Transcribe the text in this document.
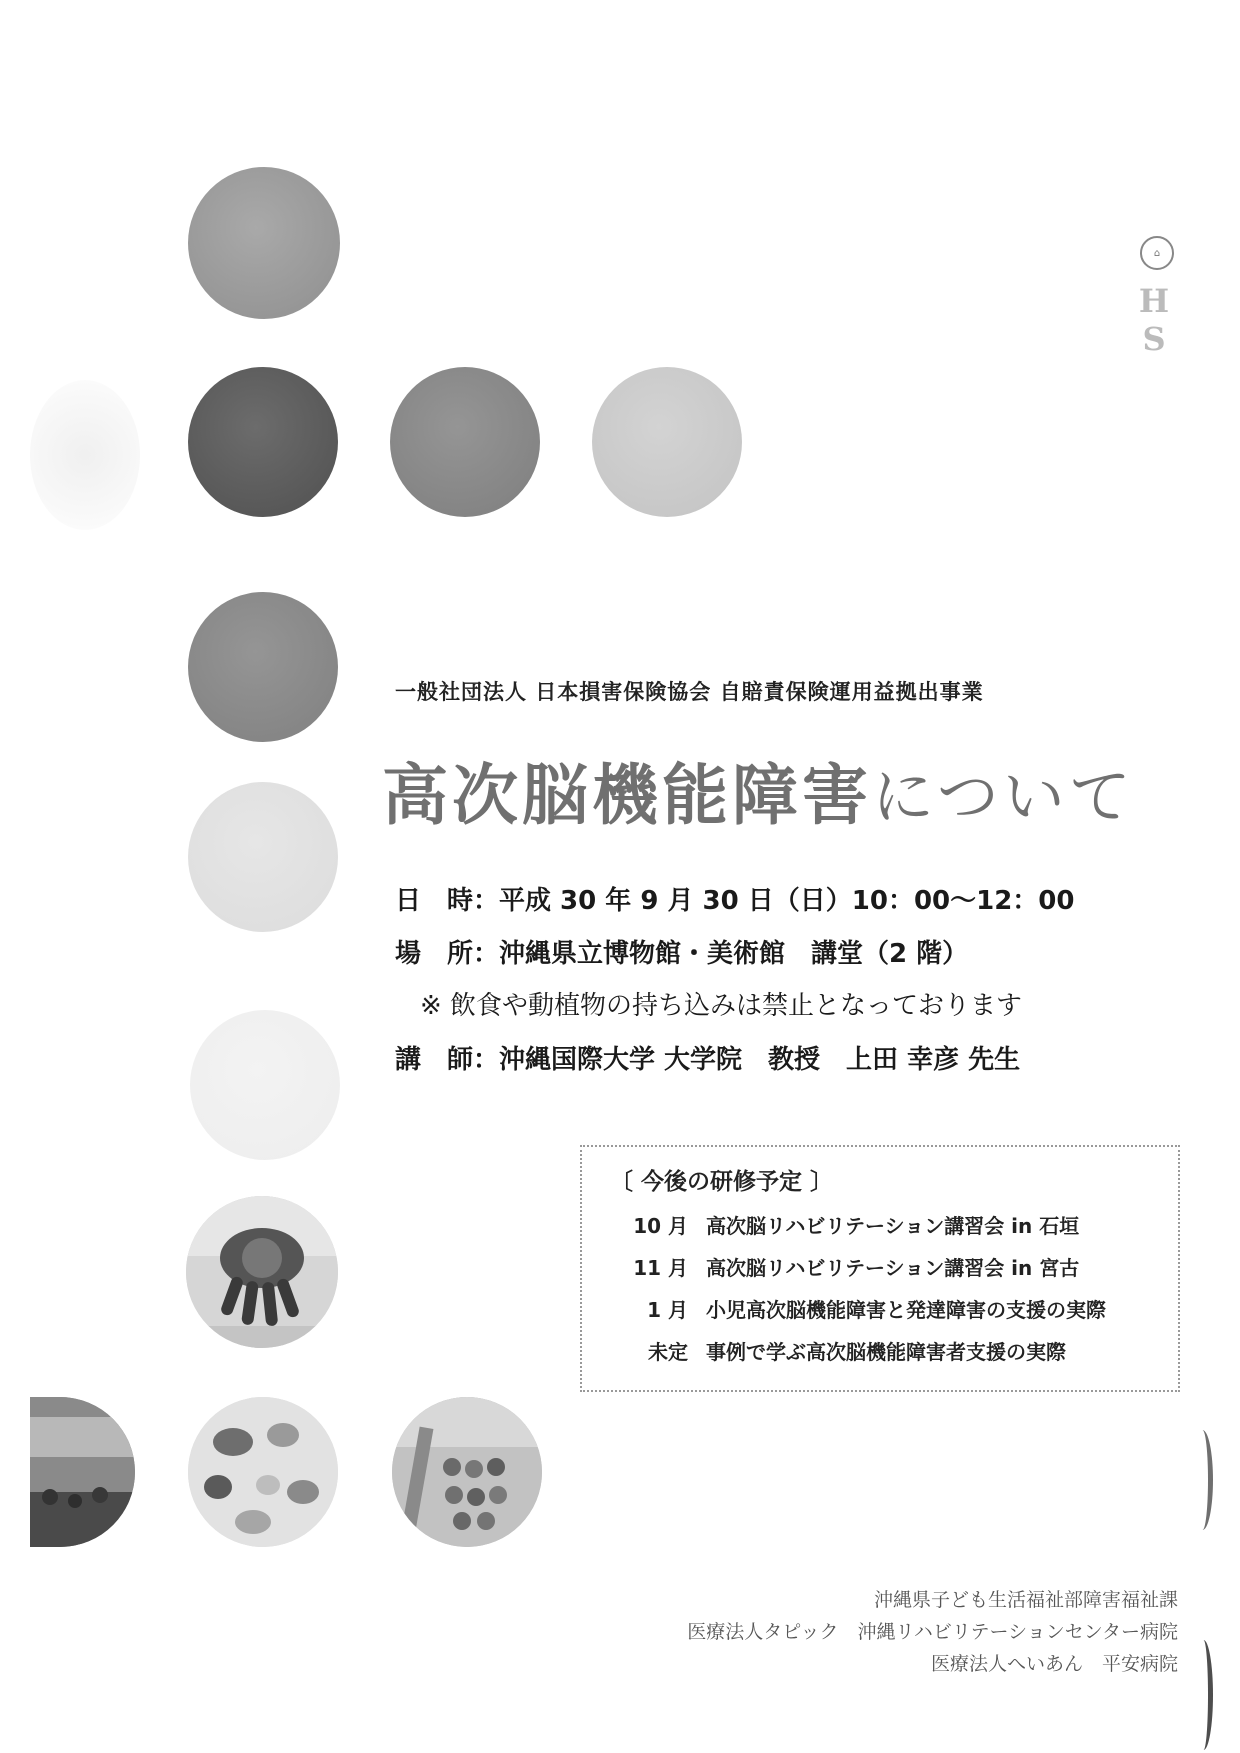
⌂
H S
一般社団法人 日本損害保険協会 自賠責保険運用益拠出事業
高次脳機能障害について
日　時：平成 30 年 9 月 30 日（日）10：00〜12：00
場　所：沖縄県立博物館・美術館　講堂（2 階）
※ 飲食や動植物の持ち込みは禁止となっております
講　師：沖縄国際大学 大学院　教授　上田 幸彦 先生
〔 今後の研修予定 〕
10 月 高次脳リハビリテーション講習会 in 石垣
11 月 高次脳リハビリテーション講習会 in 宮古
1 月 小児高次脳機能障害と発達障害の支援の実際
未定 事例で学ぶ高次脳機能障害者支援の実際
沖縄県子ども生活福祉部障害福祉課
医療法人タピック　沖縄リハビリテーションセンター病院
医療法人へいあん　平安病院
